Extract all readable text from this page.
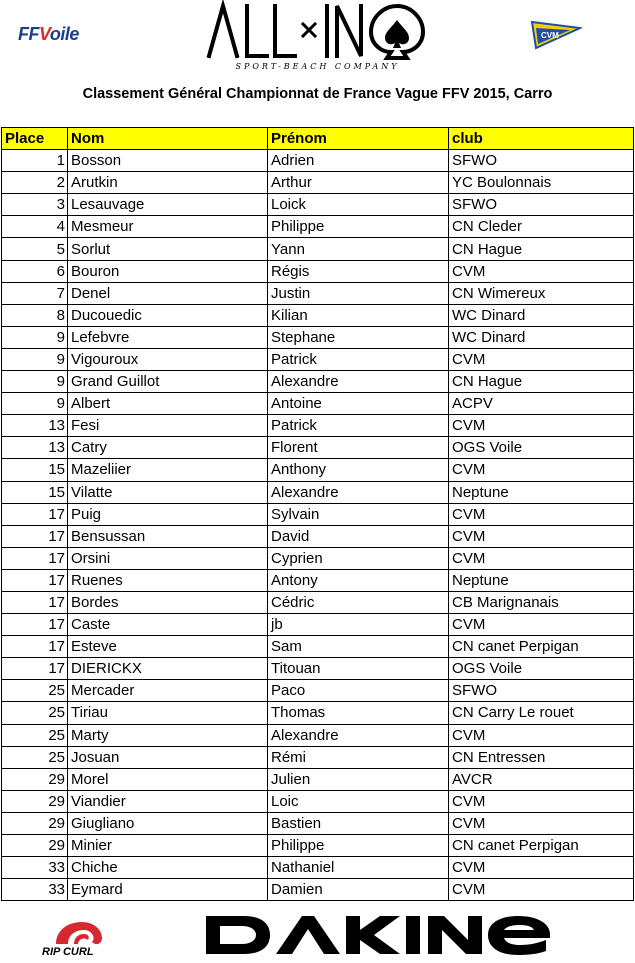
FFVoile
SPORT-BEACH COMPANY
CVM
Classement Général Championnat de France Vague FFV 2015, Carro
Place	Nom	Prénom	club
1	Bosson	Adrien	SFWO
2	Arutkin	Arthur	YC Boulonnais
3	Lesauvage	Loick	SFWO
4	Mesmeur	Philippe	CN Cleder
5	Sorlut	Yann	CN Hague
6	Bouron	Régis	CVM
7	Denel	Justin	CN Wimereux
8	Ducouedic	Kilian	WC Dinard
9	Lefebvre	Stephane	WC Dinard
9	Vigouroux	Patrick	CVM
9	Grand Guillot	Alexandre	CN Hague
9	Albert	Antoine	ACPV
13	Fesi	Patrick	CVM
13	Catry	Florent	OGS Voile
15	Mazeliier	Anthony	CVM
15	Vilatte	Alexandre	Neptune
17	Puig	Sylvain	CVM
17	Bensussan	David	CVM
17	Orsini	Cyprien	CVM
17	Ruenes	Antony	Neptune
17	Bordes	Cédric	CB Marignanais
17	Caste	jb	CVM
17	Esteve	Sam	CN canet Perpigan
17	DIERICKX	Titouan	OGS Voile
25	Mercader	Paco	SFWO
25	Tiriau	Thomas	CN Carry Le rouet
25	Marty	Alexandre	CVM
25	Josuan	Rémi	CN Entressen
29	Morel	Julien	AVCR
29	Viandier	Loic	CVM
29	Giugliano	Bastien	CVM
29	Minier	Philippe	CN canet Perpigan
33	Chiche	Nathaniel	CVM
33	Eymard	Damien	CVM
RIP CURL
